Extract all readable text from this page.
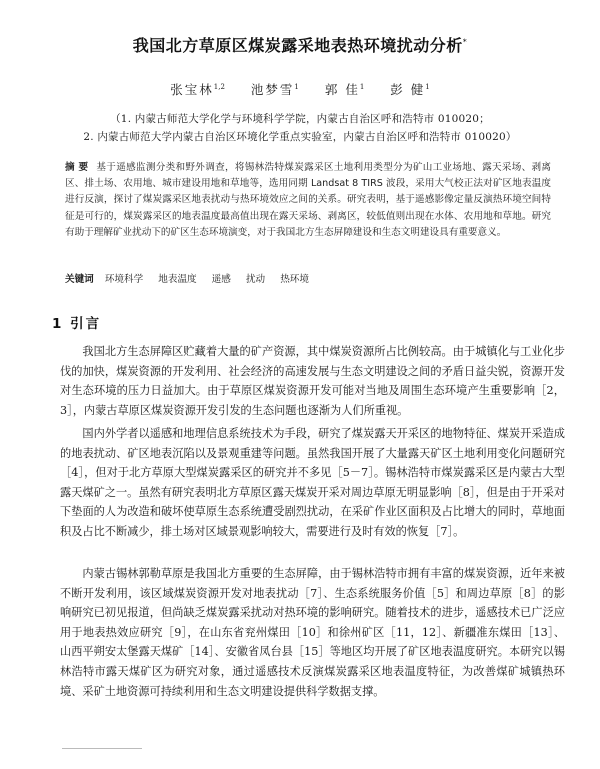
我国北方草原区煤炭露采地表热环境扰动分析*
张宝林$^{1,2}$ 池梦雪$^1$ 郭 佳$^1$ 彭 健$^1$
（1. 内蒙古师范大学化学与环境科学学院，内蒙古自治区呼和浩特市 010020；
2. 内蒙古师范大学内蒙古自治区环境化学重点实验室，内蒙古自治区呼和浩特市 010020）
摘 要 基于遥感监测分类和野外调查，将锡林浩特煤炭露采区土地利用类型分为矿山工业场地、露天采场、剥离区、排土场、农用地、城市建设用地和草地等，选用同期 Landsat 8 TIRS 波段，采用大气校正法对矿区地表温度进行反演，探讨了煤炭露采区地表扰动与热环境效应之间的关系。研究表明，基于遥感影像定量反演热环境空间特征是可行的，煤炭露采区的地表温度最高值出现在露天采场、剥离区，较低值则出现在水体、农用地和草地。研究有助于理解矿业扰动下的矿区生态环境演变，对于我国北方生态屏障建设和生态文明建设具有重要意义。
关键词 环境科学 地表温度 遥感 扰动 热环境
1 引言

我国北方生态屏障区贮藏着大量的矿产资源，其中煤炭资源所占比例较高。由于城镇化与工业化步伐的加快，煤炭资源的开发利用、社会经济的高速发展与生态文明建设之间的矛盾日益尖锐，资源开发对生态环境的压力日益加大。由于草原区煤炭资源开发可能对当地及周围生态环境产生重要影响［2，3］，内蒙古草原区煤炭资源开发引发的生态问题也逐渐为人们所重视。

国内外学者以遥感和地理信息系统技术为手段，研究了煤炭露天开采区的地物特征、煤炭开采造成的地表扰动、矿区地表沉陷以及景观重建等问题。虽然我国开展了大量露天矿区土地利用变化问题研究［4］，但对于北方草原大型煤炭露采区的研究并不多见［5－7］。锡林浩特市煤炭露采区是内蒙古大型露天煤矿之一。虽然有研究表明北方草原区露天煤炭开采对周边草原无明显影响［8］，但是由于开采对下垫面的人为改造和破坏使草原生态系统遭受剧烈扰动，在采矿作业区面积及占比增大的同时，草地面积及占比不断减少，排土场对区域景观影响较大，需要进行及时有效的恢复［7］。

内蒙古锡林郭勒草原是我国北方重要的生态屏障，由于锡林浩特市拥有丰富的煤炭资源，近年来被不断开发利用，该区域煤炭资源开发对地表扰动［7］、生态系统服务价值［5］和周边草原［8］的影响研究已初见报道，但尚缺乏煤炭露采扰动对热环境的影响研究。随着技术的进步，遥感技术已广泛应用于地表热效应研究［9］，在山东省兖州煤田［10］和徐州矿区［11，12］、新疆准东煤田［13］、山西平朔安太堡露天煤矿［14］、安徽省凤台县［15］等地区均开展了矿区地表温度研究。本研究以锡林浩特市露天煤矿区为研究对象，通过遥感技术反演煤炭露采区地表温度特征，为改善煤矿城镇热环境、采矿土地资源可持续利用和生态文明建设提供科学数据支撑。
